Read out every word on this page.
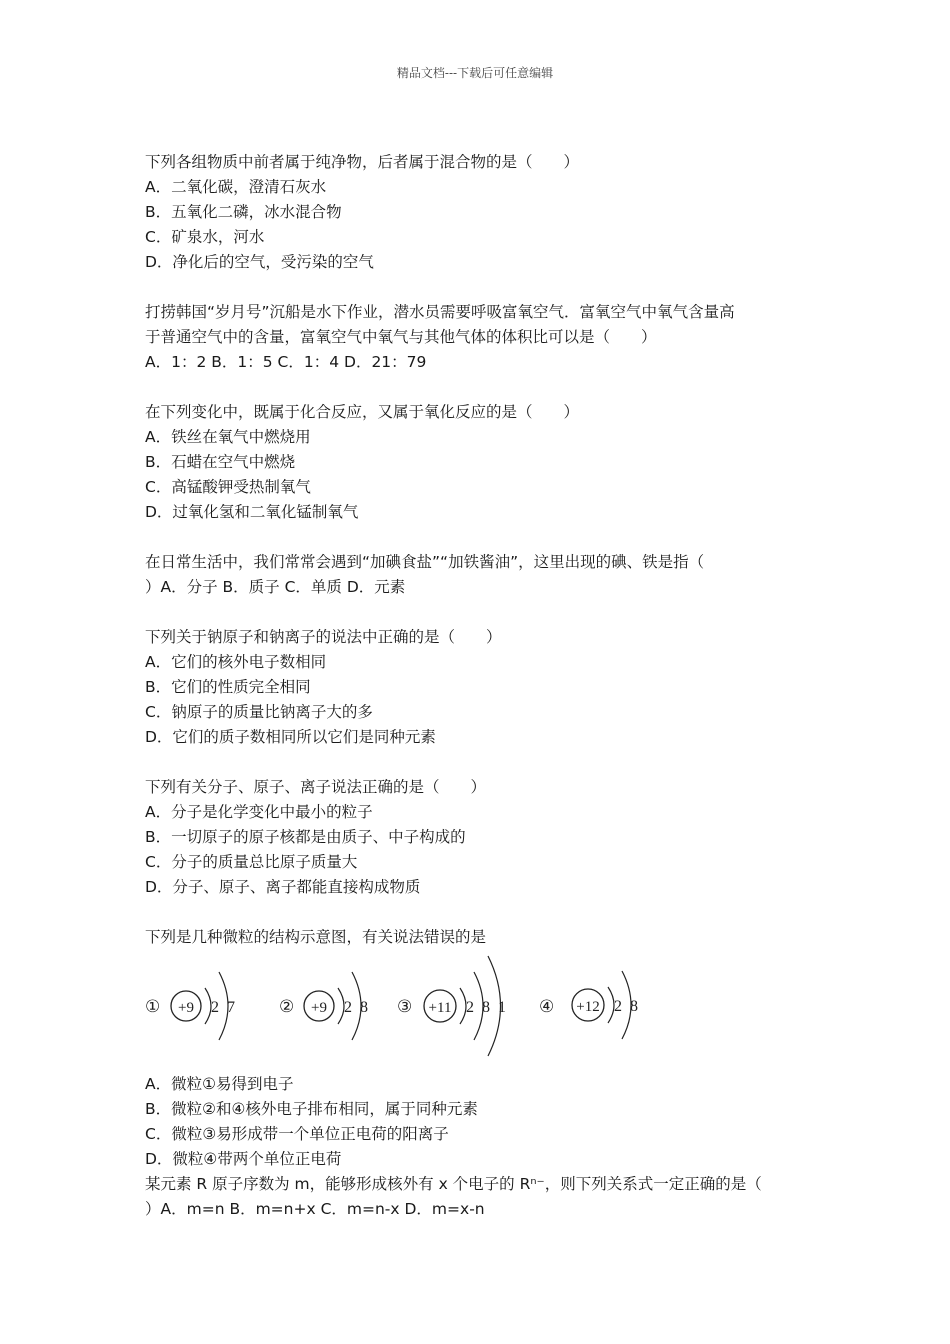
精品文档---下载后可任意编辑
下列各组物质中前者属于纯净物，后者属于混合物的是（　　）
A．二氧化碳，澄清石灰水
B．五氧化二磷，冰水混合物
C．矿泉水，河水
D．净化后的空气，受污染的空气
打捞韩国“岁月号”沉船是水下作业，潜水员需要呼吸富氧空气．富氧空气中氧气含量高
于普通空气中的含量，富氧空气中氧气与其他气体的体积比可以是（　　）
A．1：2 B．1：5 C．1：4 D．21：79
在下列变化中，既属于化合反应，又属于氧化反应的是（　　）
A．铁丝在氧气中燃烧用
B．石蜡在空气中燃烧
C．高锰酸钾受热制氧气
D．过氧化氢和二氧化锰制氧气
在日常生活中，我们常常会遇到“加碘食盐”“加铁酱油”，这里出现的碘、铁是指（
）A．分子 B．质子 C．单质 D．元素
下列关于钠原子和钠离子的说法中正确的是（　　）
A．它们的核外电子数相同
B．它们的性质完全相同
C．钠原子的质量比钠离子大的多
D．它们的质子数相同所以它们是同种元素
下列有关分子、原子、离子说法正确的是（　　）
A．分子是化学变化中最小的粒子
B．一切原子的原子核都是由质子、中子构成的
C．分子的质量总比原子质量大
D．分子、原子、离子都能直接构成物质
下列是几种微粒的结构示意图，有关说法错误的是
① +9 2 7	② +9 2 8 ③ +11 2 8 1 ④ +12 2 8
A．微粒①易得到电子
B．微粒②和④核外电子排布相同，属于同种元素
C．微粒③易形成带一个单位正电荷的阳离子
D．微粒④带两个单位正电荷
某元素 R 原子序数为 m，能够形成核外有 x 个电子的 Rⁿ⁻，则下列关系式一定正确的是（
）A．m=n B．m=n+x C．m=n-x D．m=x-n
